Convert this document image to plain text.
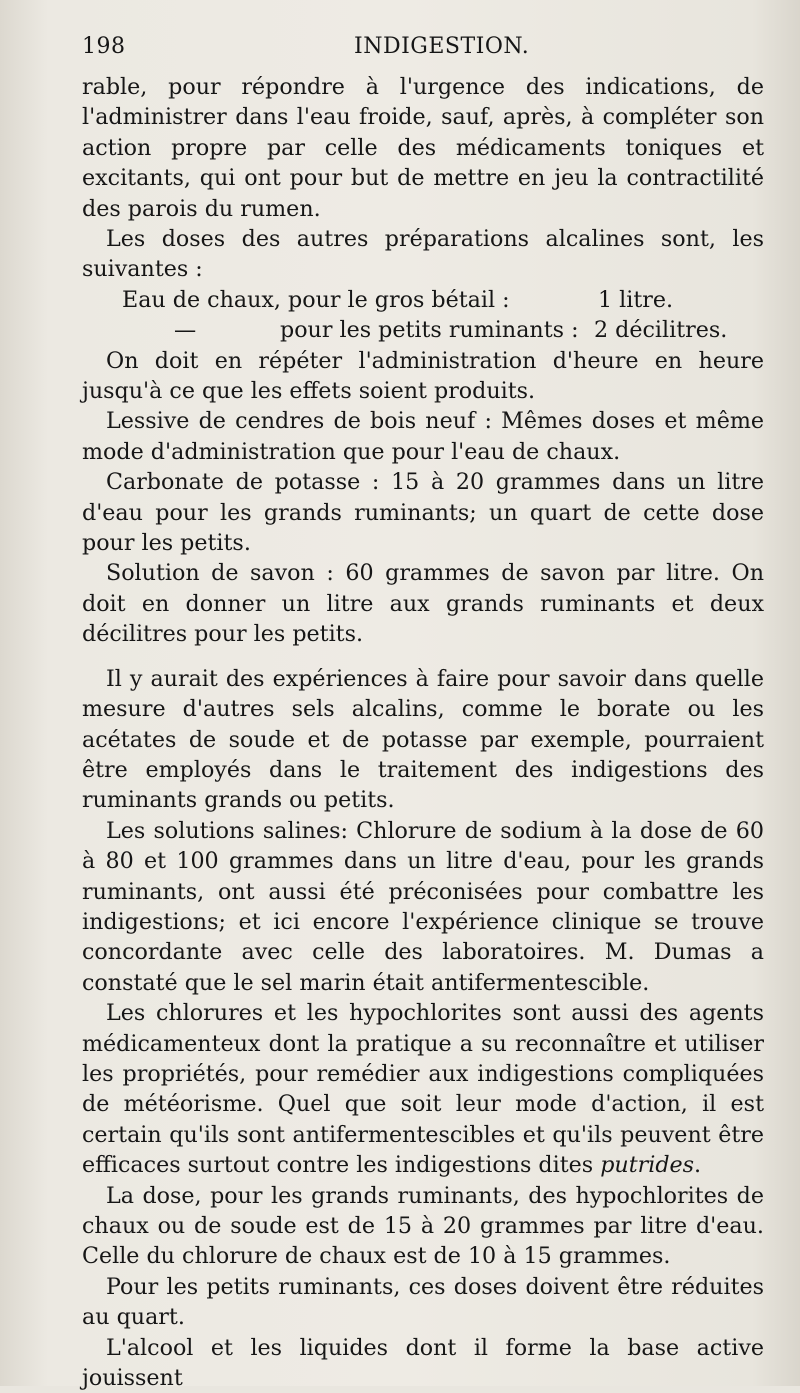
198	INDIGESTION.

rable, pour répondre à l'urgence des indications, de l'administrer dans l'eau froide, sauf, après, à compléter son action propre par celle des médicaments toniques et excitants, qui ont pour but de mettre en jeu la contractilité des parois du rumen.

Les doses des autres préparations alcalines sont, les suivantes :

Eau de chaux, pour le gros bétail :	1 litre.
—	pour les petits ruminants : 2 décilitres.

On doit en répéter l'administration d'heure en heure jusqu'à ce que les effets soient produits.

Lessive de cendres de bois neuf : Mêmes doses et même mode d'administration que pour l'eau de chaux.

Carbonate de potasse : 15 à 20 grammes dans un litre d'eau pour les grands ruminants; un quart de cette dose pour les petits.

Solution de savon : 60 grammes de savon par litre. On doit en donner un litre aux grands ruminants et deux décilitres pour les petits.

Il y aurait des expériences à faire pour savoir dans quelle mesure d'autres sels alcalins, comme le borate ou les acétates de soude et de potasse par exemple, pourraient être employés dans le traitement des indigestions des ruminants grands ou petits.

Les solutions salines: Chlorure de sodium à la dose de 60 à 80 et 100 grammes dans un litre d'eau, pour les grands ruminants, ont aussi été préconisées pour combattre les indigestions; et ici encore l'expérience clinique se trouve concordante avec celle des laboratoires. M. Dumas a constaté que le sel marin était antifermentescible.

Les chlorures et les hypochlorites sont aussi des agents médicamenteux dont la pratique a su reconnaître et utiliser les propriétés, pour remédier aux indigestions compliquées de météorisme. Quel que soit leur mode d'action, il est certain qu'ils sont antifermentescibles et qu'ils peuvent être efficaces surtout contre les indigestions dites putrides.

La dose, pour les grands ruminants, des hypochlorites de chaux ou de soude est de 15 à 20 grammes par litre d'eau. Celle du chlorure de chaux est de 10 à 15 grammes.

Pour les petits ruminants, ces doses doivent être réduites au quart.

L'alcool et les liquides dont il forme la base active jouissent
